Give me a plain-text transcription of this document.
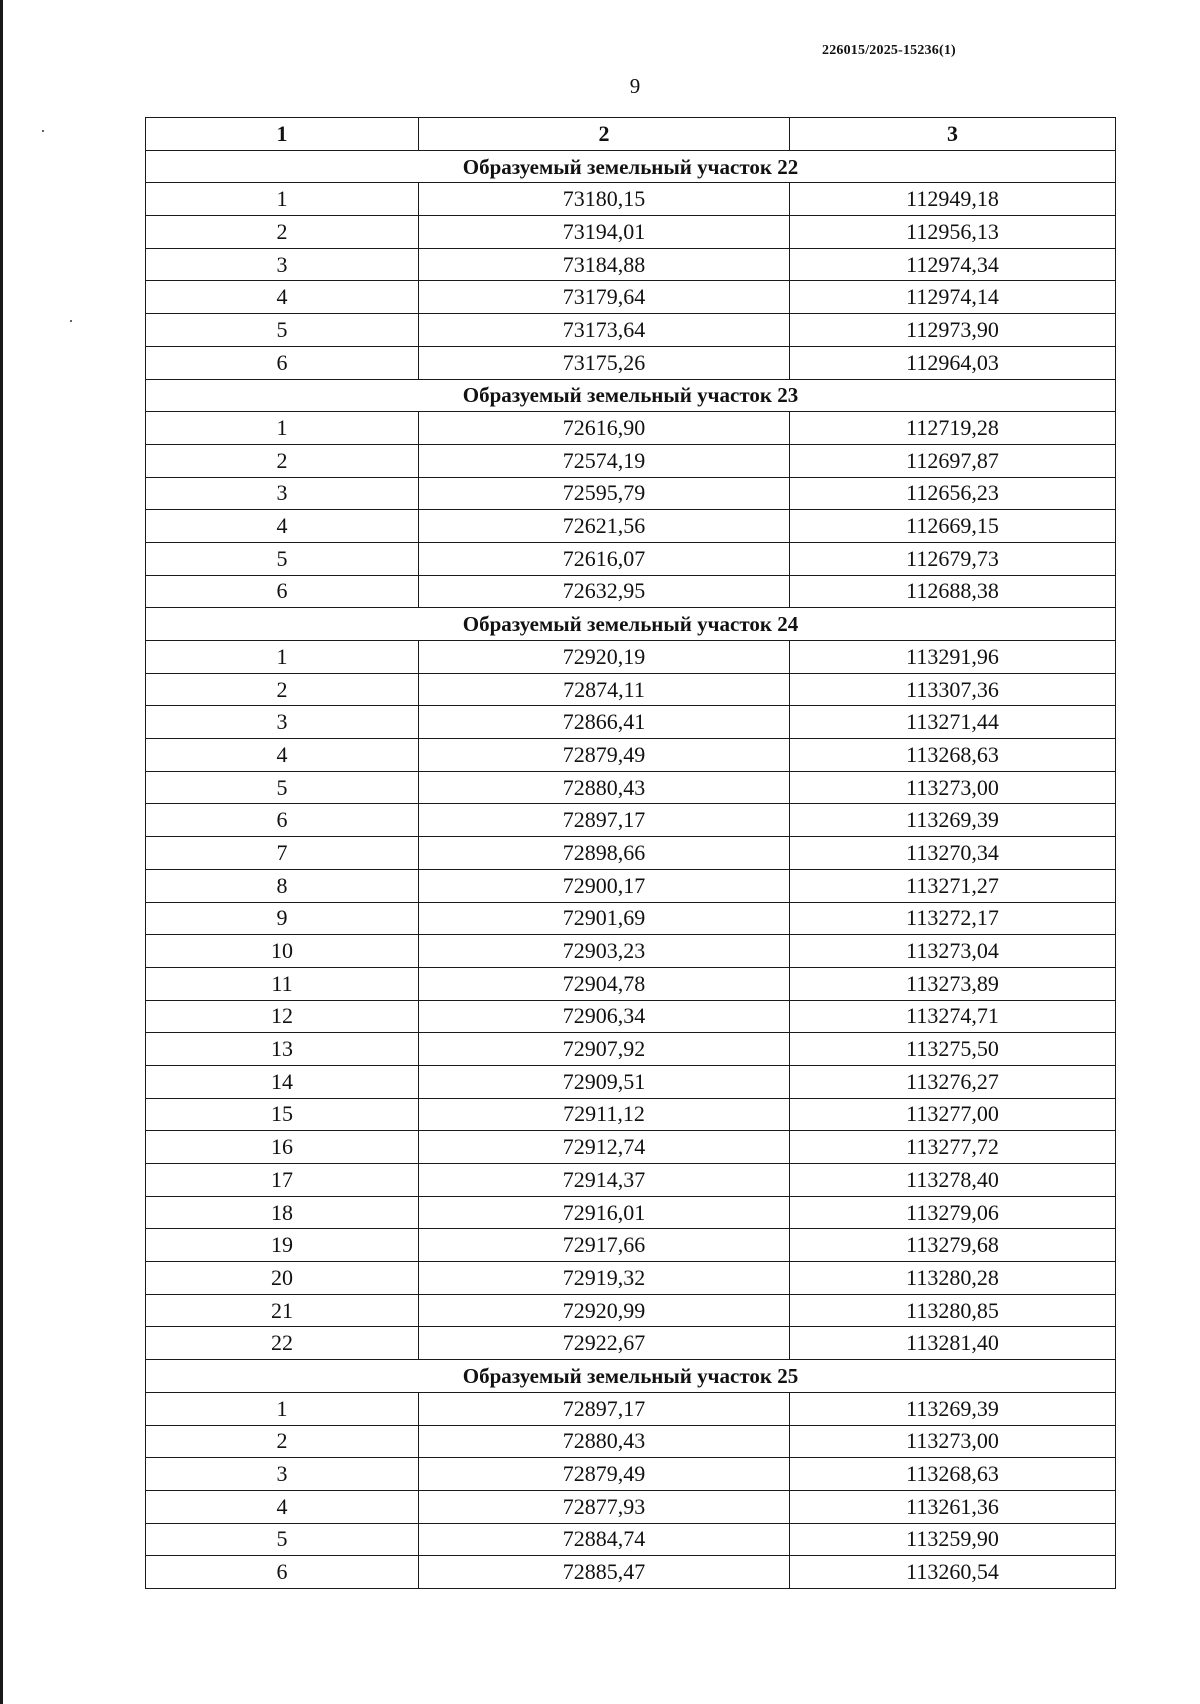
226015/2025-15236(1)
9
1	2	3
Образуемый земельный участок 22		
1	73180,15	112949,18
2	73194,01	112956,13
3	73184,88	112974,34
4	73179,64	112974,14
5	73173,64	112973,90
6	73175,26	112964,03
Образуемый земельный участок 23		
1	72616,90	112719,28
2	72574,19	112697,87
3	72595,79	112656,23
4	72621,56	112669,15
5	72616,07	112679,73
6	72632,95	112688,38
Образуемый земельный участок 24		
1	72920,19	113291,96
2	72874,11	113307,36
3	72866,41	113271,44
4	72879,49	113268,63
5	72880,43	113273,00
6	72897,17	113269,39
7	72898,66	113270,34
8	72900,17	113271,27
9	72901,69	113272,17
10	72903,23	113273,04
11	72904,78	113273,89
12	72906,34	113274,71
13	72907,92	113275,50
14	72909,51	113276,27
15	72911,12	113277,00
16	72912,74	113277,72
17	72914,37	113278,40
18	72916,01	113279,06
19	72917,66	113279,68
20	72919,32	113280,28
21	72920,99	113280,85
22	72922,67	113281,40
Образуемый земельный участок 25		
1	72897,17	113269,39
2	72880,43	113273,00
3	72879,49	113268,63
4	72877,93	113261,36
5	72884,74	113259,90
6	72885,47	113260,54
